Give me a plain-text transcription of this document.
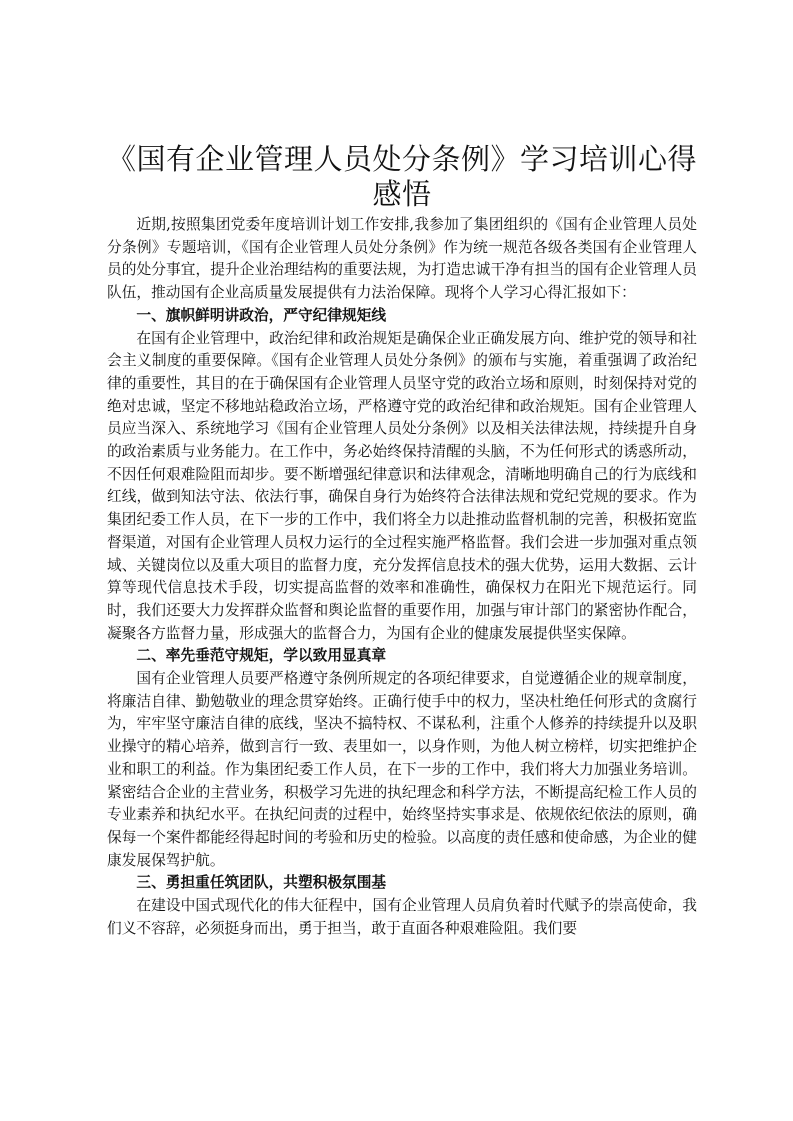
《国有企业管理人员处分条例》学习培训心得感悟

近期,按照集团党委年度培训计划工作安排,我参加了集团组织的《国有企业管理人员处分条例》专题培训，《国有企业管理人员处分条例》作为统一规范各级各类国有企业管理人员的处分事宜，提升企业治理结构的重要法规，为打造忠诚干净有担当的国有企业管理人员队伍，推动国有企业高质量发展提供有力法治保障。现将个人学习心得汇报如下：

一、旗帜鲜明讲政治，严守纪律规矩线

在国有企业管理中，政治纪律和政治规矩是确保企业正确发展方向、维护党的领导和社会主义制度的重要保障。《国有企业管理人员处分条例》的颁布与实施，着重强调了政治纪律的重要性，其目的在于确保国有企业管理人员坚守党的政治立场和原则，时刻保持对党的绝对忠诚，坚定不移地站稳政治立场，严格遵守党的政治纪律和政治规矩。国有企业管理人员应当深入、系统地学习《国有企业管理人员处分条例》以及相关法律法规，持续提升自身的政治素质与业务能力。在工作中，务必始终保持清醒的头脑，不为任何形式的诱惑所动，不因任何艰难险阻而却步。要不断增强纪律意识和法律观念，清晰地明确自己的行为底线和红线，做到知法守法、依法行事，确保自身行为始终符合法律法规和党纪党规的要求。作为集团纪委工作人员，在下一步的工作中，我们将全力以赴推动监督机制的完善，积极拓宽监督渠道，对国有企业管理人员权力运行的全过程实施严格监督。我们会进一步加强对重点领域、关键岗位以及重大项目的监督力度，充分发挥信息技术的强大优势，运用大数据、云计算等现代信息技术手段，切实提高监督的效率和准确性，确保权力在阳光下规范运行。同时，我们还要大力发挥群众监督和舆论监督的重要作用，加强与审计部门的紧密协作配合，凝聚各方监督力量，形成强大的监督合力，为国有企业的健康发展提供坚实保障。

二、率先垂范守规矩，学以致用显真章

国有企业管理人员要严格遵守条例所规定的各项纪律要求，自觉遵循企业的规章制度，将廉洁自律、勤勉敬业的理念贯穿始终。正确行使手中的权力，坚决杜绝任何形式的贪腐行为，牢牢坚守廉洁自律的底线，坚决不搞特权、不谋私利，注重个人修养的持续提升以及职业操守的精心培养，做到言行一致、表里如一，以身作则，为他人树立榜样，切实把维护企业和职工的利益。作为集团纪委工作人员，在下一步的工作中，我们将大力加强业务培训。紧密结合企业的主营业务，积极学习先进的执纪理念和科学方法，不断提高纪检工作人员的专业素养和执纪水平。在执纪问责的过程中，始终坚持实事求是、依规依纪依法的原则，确保每一个案件都能经得起时间的考验和历史的检验。以高度的责任感和使命感，为企业的健康发展保驾护航。

三、勇担重任筑团队，共塑积极氛围基

在建设中国式现代化的伟大征程中，国有企业管理人员肩负着时代赋予的崇高使命，我们义不容辞，必须挺身而出，勇于担当，敢于直面各种艰难险阻。我们要
